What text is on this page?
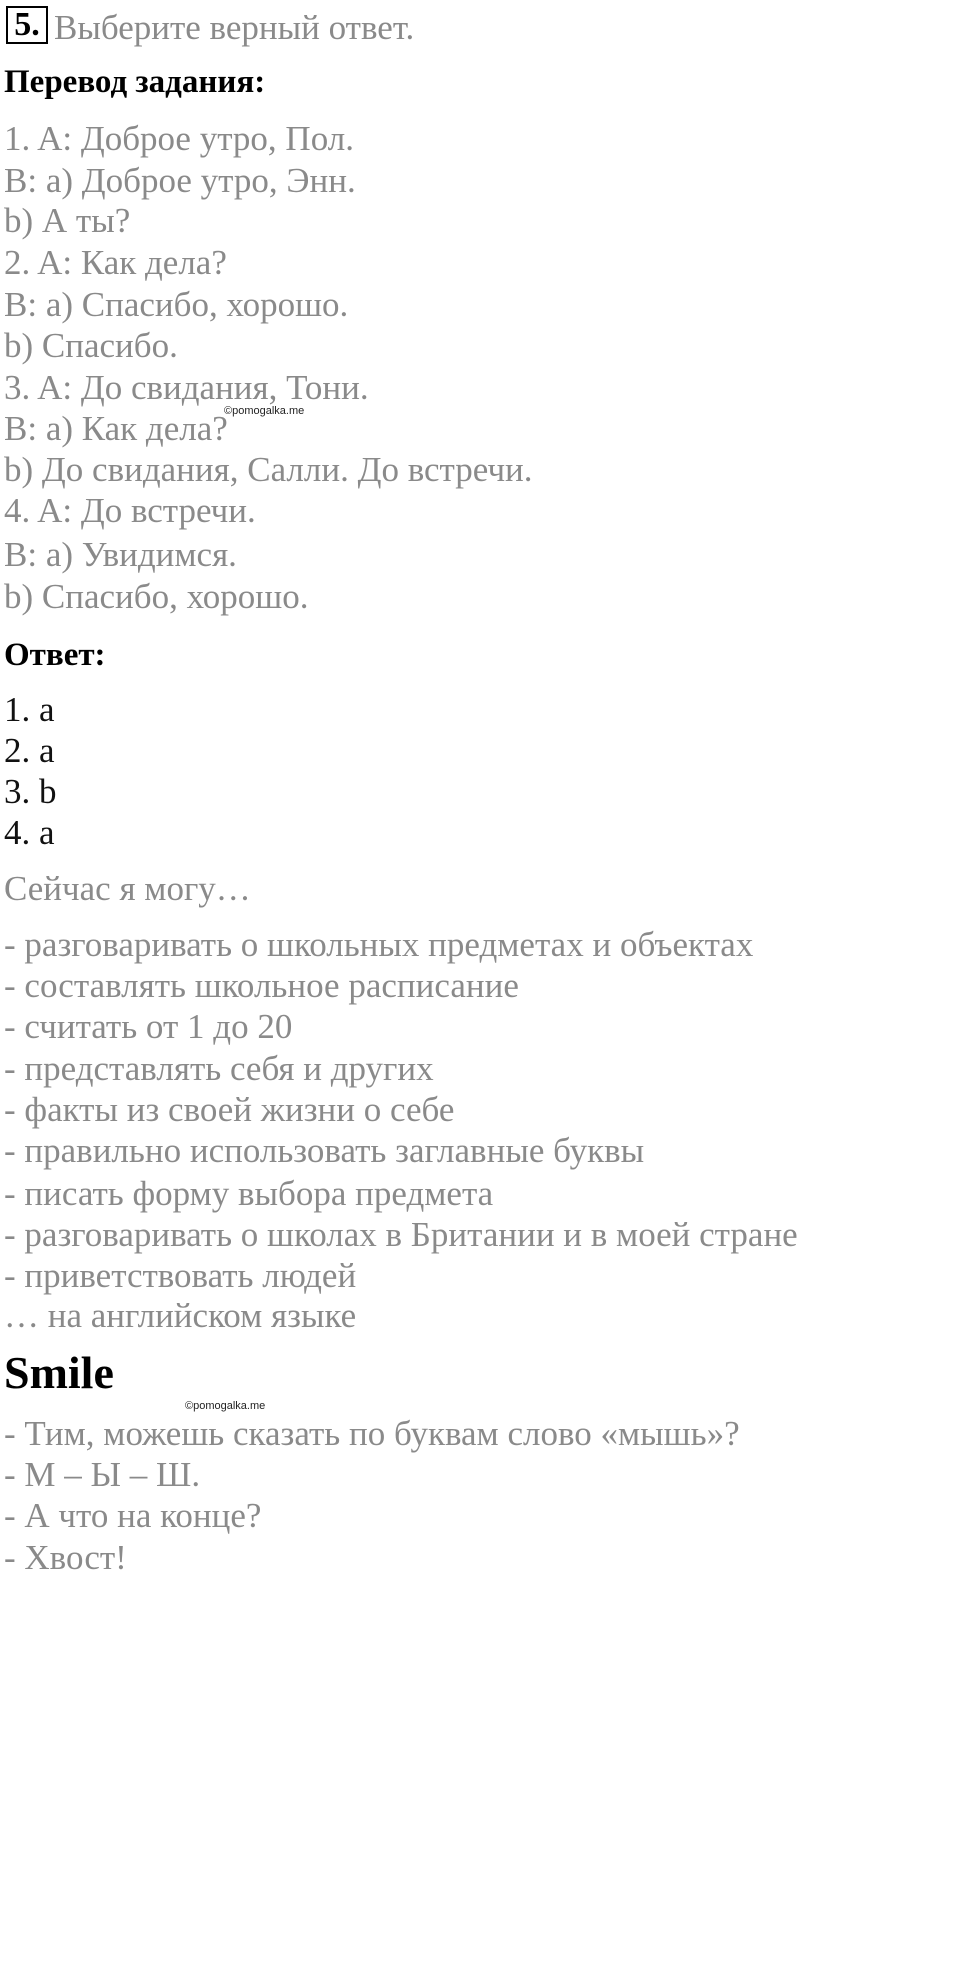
5. Выберите верный ответ.
Перевод задания:
1. A: Доброе утро, Пол.
B: a) Доброе утро, Энн.
b) А ты?
2. A: Как дела?
B: a) Спасибо, хорошо.
b) Спасибо.
3. A: До свидания, Тони.
B: a) Как дела?
b) До свидания, Салли. До встречи.
4. A: До встречи.
B: a) Увидимся.
b) Спасибо, хорошо.
©pomogalka.me
Ответ:
1. a
2. a
3. b
4. a
Сейчас я могу…
- разговаривать о школьных предметах и объектах
- составлять школьное расписание
- считать от 1 до 20
- представлять себя и других
- факты из своей жизни о себе
- правильно использовать заглавные буквы
- писать форму выбора предмета
- разговаривать о школах в Британии и в моей стране
- приветствовать людей
… на английском языке
Smile
©pomogalka.me
- Тим, можешь сказать по буквам слово «мышь»?
- М – Ы – Ш.
- А что на конце?
- Хвост!
